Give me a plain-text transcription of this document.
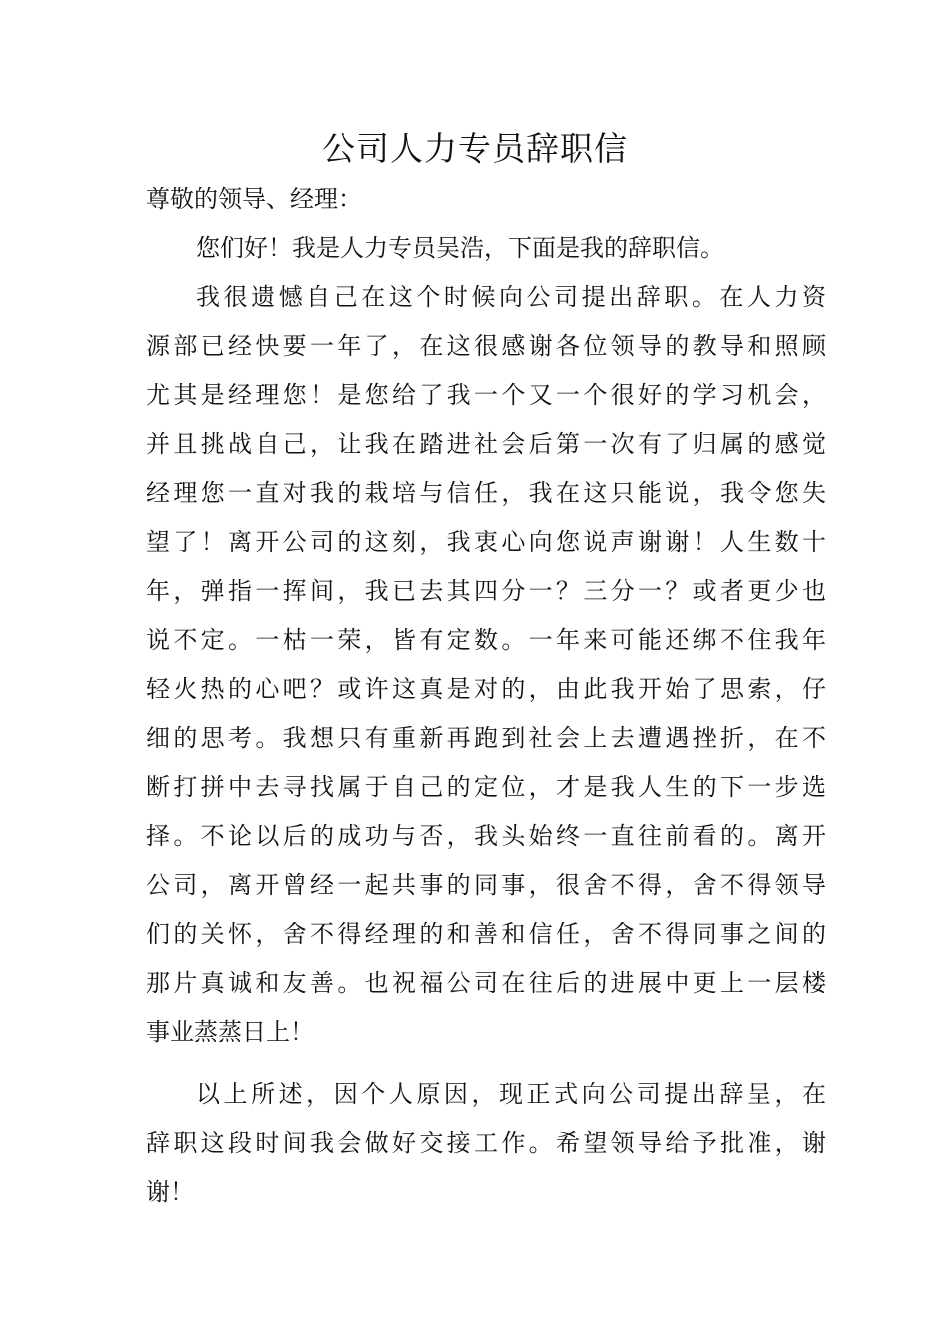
公司人力专员辞职信
尊敬的领导、经理：
您们好！我是人力专员吴浩，下面是我的辞职信。
我很遗憾自己在这个时候向公司提出辞职。在人力资
源部已经快要一年了，在这很感谢各位领导的教导和照顾
尤其是经理您！是您给了我一个又一个很好的学习机会，
并且挑战自己，让我在踏进社会后第一次有了归属的感觉
经理您一直对我的栽培与信任，我在这只能说，我令您失
望了！离开公司的这刻，我衷心向您说声谢谢！人生数十
年，弹指一挥间，我已去其四分一？三分一？或者更少也
说不定。一枯一荣，皆有定数。一年来可能还绑不住我年
轻火热的心吧？或许这真是对的，由此我开始了思索，仔
细的思考。我想只有重新再跑到社会上去遭遇挫折，在不
断打拼中去寻找属于自己的定位，才是我人生的下一步选
择。不论以后的成功与否，我头始终一直往前看的。离开
公司，离开曾经一起共事的同事，很舍不得，舍不得领导
们的关怀，舍不得经理的和善和信任，舍不得同事之间的
那片真诚和友善。也祝福公司在往后的进展中更上一层楼
事业蒸蒸日上！
以上所述，因个人原因，现正式向公司提出辞呈，在
辞职这段时间我会做好交接工作。希望领导给予批准，谢
谢！
